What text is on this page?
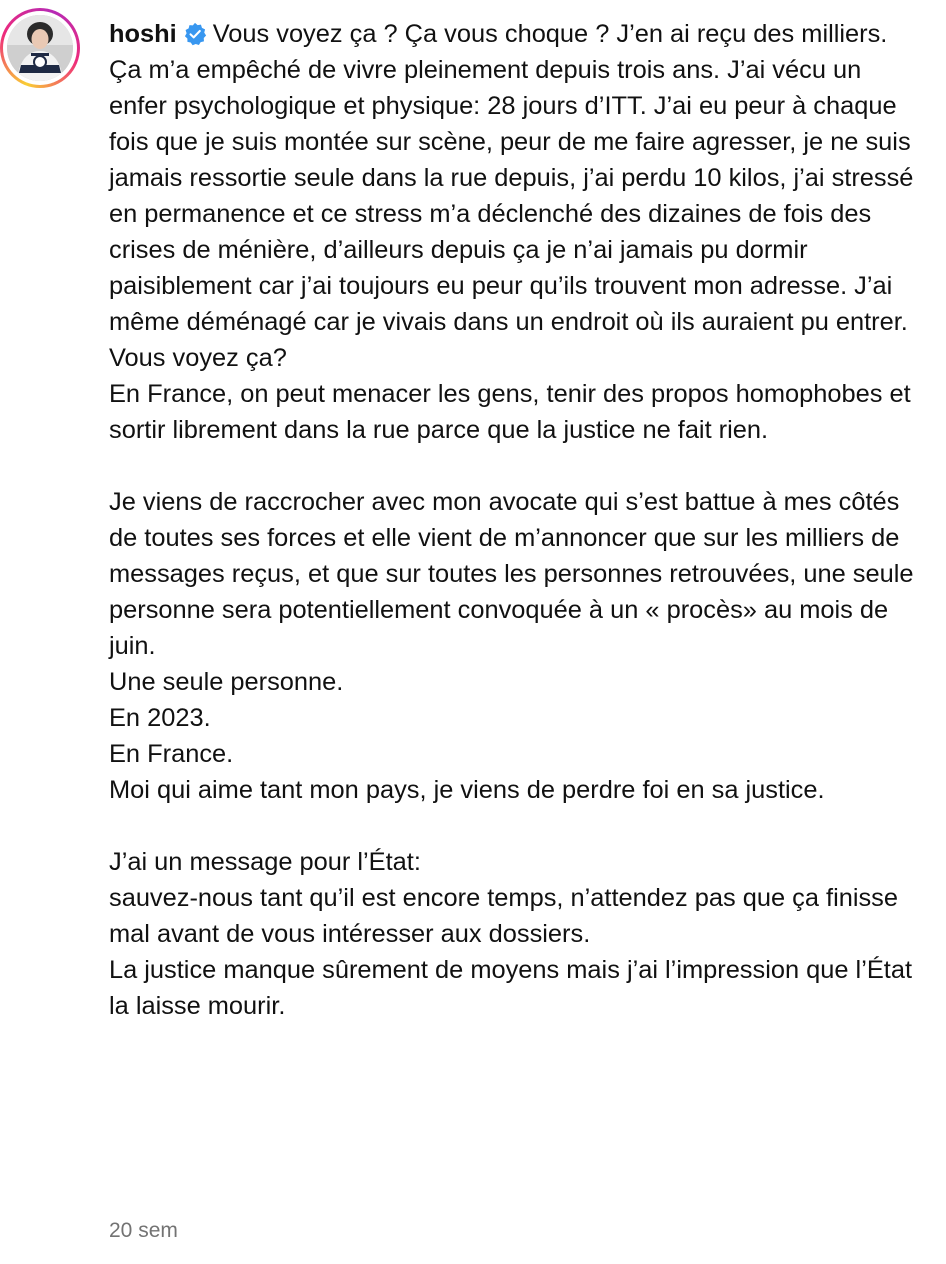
hoshi Vous voyez ça ? Ça vous choque ? J’en ai reçu des milliers.
Ça m’a empêché de vivre pleinement depuis trois ans. J’ai vécu un enfer psychologique et physique: 28 jours d’ITT. J’ai eu peur à chaque fois que je suis montée sur scène, peur de me faire agresser, je ne suis jamais ressortie seule dans la rue depuis, j’ai perdu 10 kilos, j’ai stressé en permanence et ce stress m’a déclenché des dizaines de fois des crises de ménière, d’ailleurs depuis ça je n’ai jamais pu dormir paisiblement car j’ai toujours eu peur qu’ils trouvent mon adresse. J’ai même déménagé car je vivais dans un endroit où ils auraient pu entrer.
Vous voyez ça?
En France, on peut menacer les gens, tenir des propos homophobes et sortir librement dans la rue parce que la justice ne fait rien.

Je viens de raccrocher avec mon avocate qui s’est battue à mes côtés de toutes ses forces et elle vient de m’annoncer que sur les milliers de messages reçus, et que sur toutes les personnes retrouvées, une seule personne sera potentiellement convoquée à un « procès» au mois de juin.
Une seule personne.
En 2023.
En France.
Moi qui aime tant mon pays, je viens de perdre foi en sa justice.

J’ai un message pour l’État:
sauvez-nous tant qu’il est encore temps, n’attendez pas que ça finisse mal avant de vous intéresser aux dossiers.
La justice manque sûrement de moyens mais j’ai l’impression que l’État la laisse mourir.
20 sem
